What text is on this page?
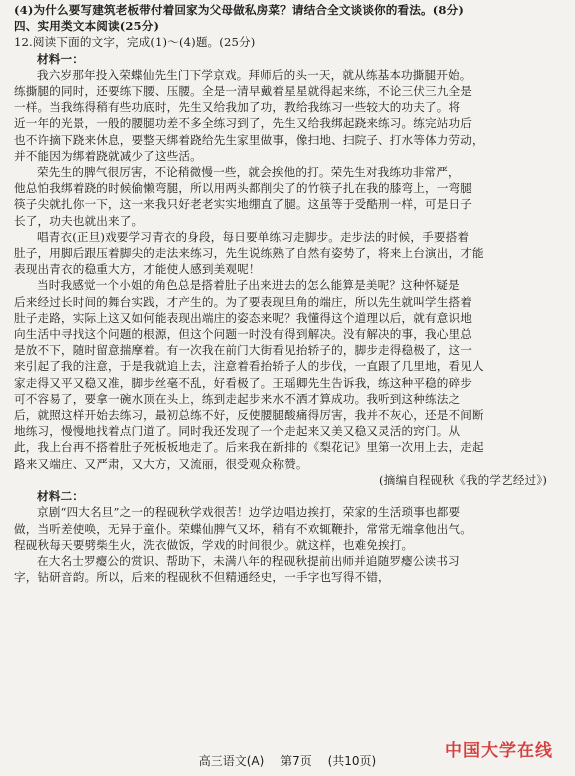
(4)为什么要写建筑老板带付着回家为父母做私房菜？请结合全文谈谈你的看法。(8分)
四、实用类文本阅读(25分)
12.阅读下面的文字，完成(1)～(4)题。(25分)
材料一：
我六岁那年投入荣蝶仙先生门下学京戏。拜师后的头一天，就从练基本功撕腿开始。
练撕腿的同时，还要练下腰、压腰。全是一清早戴着星星就得起来练，不论三伏三九全是
一样。当我练得稍有些功底时，先生又给我加了功，教给我练习一些较大的功夫了。将
近一年的光景，一般的腰腿功差不多全练习到了，先生又给我绑起跷来练习。练完站功后
也不许摘下跷来休息，要整天绑着跷给先生家里做事，像扫地、扫院子、打水等体力劳动，
并不能因为绑着跷就减少了这些活。
荣先生的脾气很厉害，不论稍微慢一些，就会挨他的打。荣先生对我练功非常严，
他总怕我绑着跷的时候偷懒弯腿，所以用两头都削尖了的竹筷子扎在我的膝弯上，一弯腿
筷子尖就扎你一下，这一来我只好老老实实地绷直了腿。这虽等于受酷刑一样，可是日子
长了，功夫也就出来了。
唱青衣(正旦)戏要学习青衣的身段，每日要单练习走脚步。走步法的时候，手要搭着
肚子，用脚后跟压着脚尖的走法来练习，先生说练熟了自然有姿势了，将来上台演出，才能
表现出青衣的稳重大方，才能使人感到美观呢！
当时我感觉一个小姐的角色总是搭着肚子出来进去的怎么能算是美呢？这种怀疑是
后来经过长时间的舞台实践，才产生的。为了要表现旦角的端庄，所以先生就叫学生搭着
肚子走路，实际上这又如何能表现出端庄的姿态来呢？我懂得这个道理以后，就有意识地
向生活中寻找这个问题的根源，但这个问题一时没有得到解决。没有解决的事，我心里总
是放不下，随时留意揣摩着。有一次我在前门大街看见抬轿子的，脚步走得稳极了，这一
来引起了我的注意，于是我就追上去，注意着看抬轿子人的步伐，一直跟了几里地，看见人
家走得又平又稳又准，脚步丝毫不乱，好看极了。王瑶卿先生告诉我，练这种平稳的碎步
可不容易了，要拿一碗水顶在头上，练到走起步来水不洒才算成功。我听到这种练法之
后，就照这样开始去练习，最初总练不好，反使腰腿酸痛得厉害，我并不灰心，还是不间断
地练习，慢慢地找着点门道了。同时我还发现了一个走起来又美又稳又灵活的窍门。从
此，我上台再不搭着肚子死板板地走了。后来我在新排的《梨花记》里第一次用上去，走起
路来又端庄、又严肃，又大方，又流丽，很受观众称赞。
(摘编自程砚秋《我的学艺经过》)
材料二：
京剧“四大名旦”之一的程砚秋学戏很苦！边学边唱边挨打，荣家的生活琐事也都要
做，当听差使唤，无异于童仆。荣蝶仙脾气又坏，稍有不欢辄鞭扑，常常无端拿他出气。
程砚秋每天要劈柴生火，洗衣做饭，学戏的时间很少。就这样，也难免挨打。
在大名士罗瘿公的赏识、帮助下，未满八年的程砚秋提前出师并追随罗瘿公读书习
字，钻研音韵。所以，后来的程砚秋不但精通经史，一手字也写得不错，
高三语文(A) 第7页 (共10页)	中国大学在线
